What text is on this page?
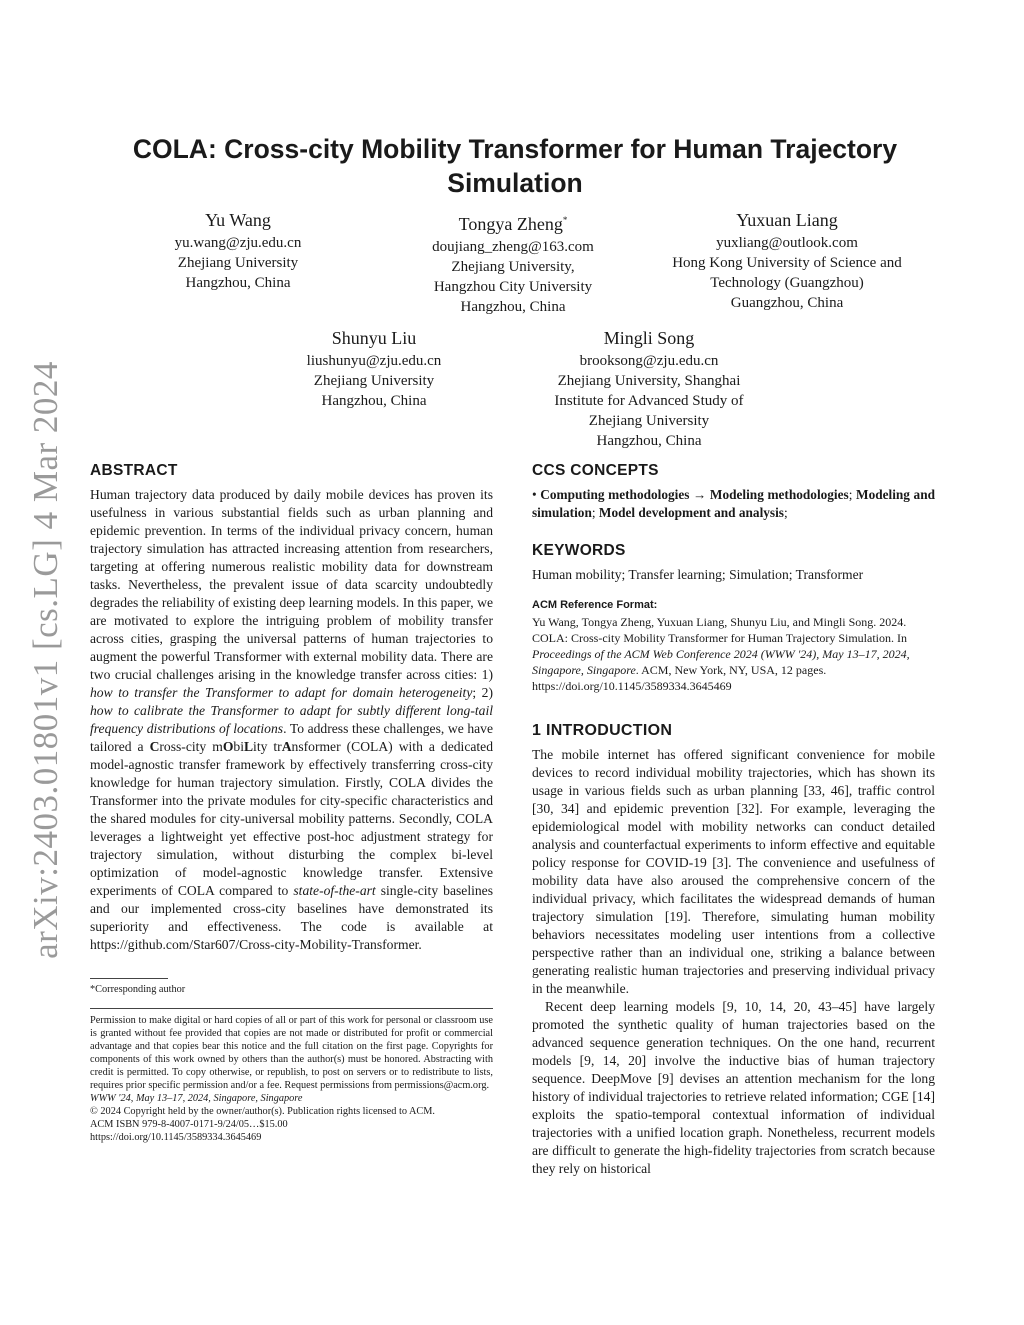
arXiv:2403.01801v1 [cs.LG] 4 Mar 2024
COLA: Cross-city Mobility Transformer for Human Trajectory Simulation
Yu Wang
yu.wang@zju.edu.cn
Zhejiang University
Hangzhou, China
Tongya Zheng*
doujiang_zheng@163.com
Zhejiang University,
Hangzhou City University
Hangzhou, China
Yuxuan Liang
yuxliang@outlook.com
Hong Kong University of Science and
Technology (Guangzhou)
Guangzhou, China
Shunyu Liu
liushunyu@zju.edu.cn
Zhejiang University
Hangzhou, China
Mingli Song
brooksong@zju.edu.cn
Zhejiang University, Shanghai
Institute for Advanced Study of
Zhejiang University
Hangzhou, China
ABSTRACT

Human trajectory data produced by daily mobile devices has proven its usefulness in various substantial fields such as urban planning and epidemic prevention. In terms of the individual privacy concern, human trajectory simulation has attracted increasing attention from researchers, targeting at offering numerous realistic mobility data for downstream tasks. Nevertheless, the prevalent issue of data scarcity undoubtedly degrades the reliability of existing deep learning models. In this paper, we are motivated to explore the intriguing problem of mobility transfer across cities, grasping the universal patterns of human trajectories to augment the powerful Transformer with external mobility data. There are two crucial challenges arising in the knowledge transfer across cities: 1) how to transfer the Transformer to adapt for domain heterogeneity; 2) how to calibrate the Transformer to adapt for subtly different long-tail frequency distributions of locations. To address these challenges, we have tailored a Cross-city mObiLity trAnsformer (COLA) with a dedicated model-agnostic transfer framework by effectively transferring cross-city knowledge for human trajectory simulation. Firstly, COLA divides the Transformer into the private modules for city-specific characteristics and the shared modules for city-universal mobility patterns. Secondly, COLA leverages a lightweight yet effective post-hoc adjustment strategy for trajectory simulation, without disturbing the complex bi-level optimization of model-agnostic knowledge transfer. Extensive experiments of COLA compared to state-of-the-art single-city baselines and our implemented cross-city baselines have demonstrated its superiority and effectiveness. The code is available at https://github.com/Star607/Cross-city-Mobility-Transformer.

*Corresponding author

Permission to make digital or hard copies of all or part of this work for personal or classroom use is granted without fee provided that copies are not made or distributed for profit or commercial advantage and that copies bear this notice and the full citation on the first page. Copyrights for components of this work owned by others than the author(s) must be honored. Abstracting with credit is permitted. To copy otherwise, or republish, to post on servers or to redistribute to lists, requires prior specific permission and/or a fee. Request permissions from permissions@acm.org.

WWW '24, May 13–17, 2024, Singapore, Singapore

© 2024 Copyright held by the owner/author(s). Publication rights licensed to ACM.

ACM ISBN 979-8-4007-0171-9/24/05…$15.00

https://doi.org/10.1145/3589334.3645469

CCS CONCEPTS

• Computing methodologies → Modeling methodologies; Modeling and simulation; Model development and analysis;

KEYWORDS

Human mobility; Transfer learning; Simulation; Transformer

ACM Reference Format:

Yu Wang, Tongya Zheng, Yuxuan Liang, Shunyu Liu, and Mingli Song. 2024. COLA: Cross-city Mobility Transformer for Human Trajectory Simulation. In Proceedings of the ACM Web Conference 2024 (WWW '24), May 13–17, 2024, Singapore, Singapore. ACM, New York, NY, USA, 12 pages. https://doi.org/10.1145/3589334.3645469

1 INTRODUCTION

The mobile internet has offered significant convenience for mobile devices to record individual mobility trajectories, which has shown its usage in various fields such as urban planning [33, 46], traffic control [30, 34] and epidemic prevention [32]. For example, leveraging the epidemiological model with mobility networks can conduct detailed analysis and counterfactual experiments to inform effective and equitable policy response for COVID-19 [3]. The convenience and usefulness of mobility data have also aroused the comprehensive concern of the individual privacy, which facilitates the widespread demands of human trajectory simulation [19]. Therefore, simulating human mobility behaviors necessitates modeling user intentions from a collective perspective rather than an individual one, striking a balance between generating realistic human trajectories and preserving individual privacy in the meanwhile.

Recent deep learning models [9, 10, 14, 20, 43–45] have largely promoted the synthetic quality of human trajectories based on the advanced sequence generation techniques. On the one hand, recurrent models [9, 14, 20] involve the inductive bias of human trajectory sequence. DeepMove [9] devises an attention mechanism for the long history of individual trajectories to retrieve related information; CGE [14] exploits the spatio-temporal contextual information of individual trajectories with a unified location graph. Nonetheless, recurrent models are difficult to generate the high-fidelity trajectories from scratch because they rely on historical
